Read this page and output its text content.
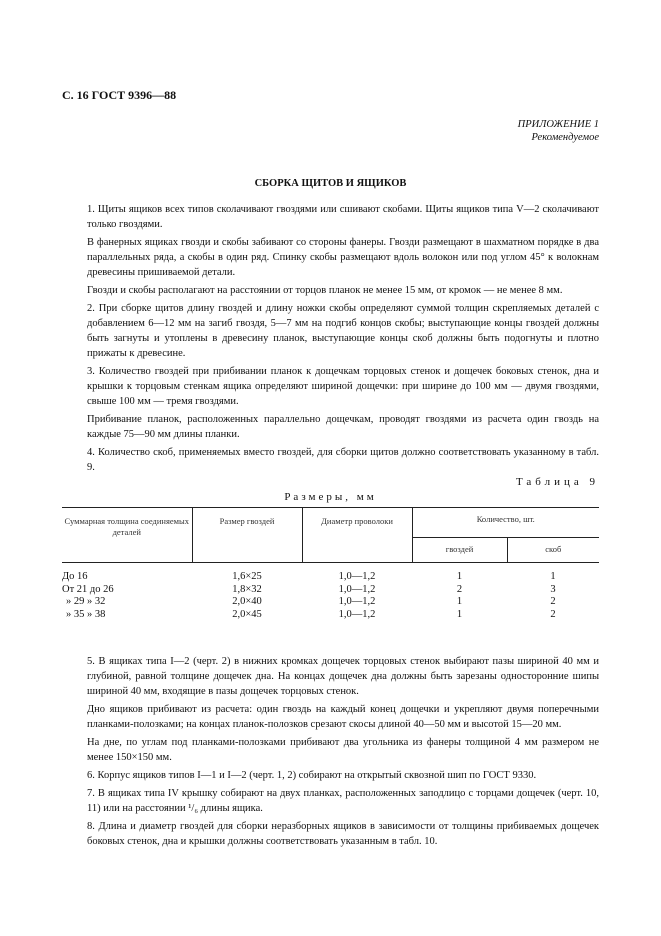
С. 16 ГОСТ 9396—88
ПРИЛОЖЕНИЕ 1
Рекомендуемое
СБОРКА ЩИТОВ И ЯЩИКОВ

1. Щиты ящиков всех типов сколачивают гвоздями или сшивают скобами. Щиты ящиков типа V—2 сколачивают только гвоздями.

В фанерных ящиках гвозди и скобы забивают со стороны фанеры. Гвозди размещают в шахматном порядке в два параллельных ряда, а скобы в один ряд. Спинку скобы размещают вдоль волокон или под углом 45° к волокнам древесины пришиваемой детали.

Гвозди и скобы располагают на расстоянии от торцов планок не менее 15 мм, от кромок — не менее 8 мм.

2. При сборке щитов длину гвоздей и длину ножки скобы определяют суммой толщин скрепляемых деталей с добавлением 6—12 мм на загиб гвоздя, 5—7 мм на подгиб концов скобы; выступающие концы гвоздей должны быть загнуты и утоплены в древесину планок, выступающие концы скоб должны быть подогнуты и плотно прижаты к древесине.

3. Количество гвоздей при прибивании планок к дощечкам торцовых стенок и дощечек боковых стенок, дна и крышки к торцовым стенкам ящика определяют шириной дощечки: при ширине до 100 мм — двумя гвоздями, свыше 100 мм — тремя гвоздями.

Прибивание планок, расположенных параллельно дощечкам, проводят гвоздями из расчета один гвоздь на каждые 75—90 мм длины планки.

4. Количество скоб, применяемых вместо гвоздей, для сборки щитов должно соответствовать указанному в табл. 9.

Таблица 9
Размеры, мм
Суммарная толщина соединяемых деталей	Размер гвоздей	Диаметр проволоки	Количество, шт.	
			гвоздей	скоб

До 16	1,6×25	1,0—1,2	1	1
От 21 до 26	1,8×32	1,0—1,2	2	3
» 29 » 32	2,0×40	1,0—1,2	1	2
» 35 » 38	2,0×45	1,0—1,2	1	2

5. В ящиках типа I—2 (черт. 2) в нижних кромках дощечек торцовых стенок выбирают пазы шириной 40 мм и глубиной, равной толщине дощечек дна. На концах дощечек дна должны быть зарезаны односторонние шипы шириной 40 мм, входящие в пазы дощечек торцовых стенок.

Дно ящиков прибивают из расчета: один гвоздь на каждый конец дощечки и укрепляют двумя поперечными планками-полозками; на концах планок-полозков срезают скосы длиной 40—50 мм и высотой 15—20 мм.

На дне, по углам под планками-полозками прибивают два угольника из фанеры толщиной 4 мм размером не менее 150×150 мм.

6. Корпус ящиков типов I—1 и I—2 (черт. 1, 2) собирают на открытый сквозной шип по ГОСТ 9330.

7. В ящиках типа IV крышку собирают на двух планках, расположенных заподлицо с торцами дощечек (черт. 10, 11) или на расстоянии ¹/₆ длины ящика.

8. Длина и диаметр гвоздей для сборки неразборных ящиков в зависимости от толщины прибиваемых дощечек боковых стенок, дна и крышки должны соответствовать указанным в табл. 10.
